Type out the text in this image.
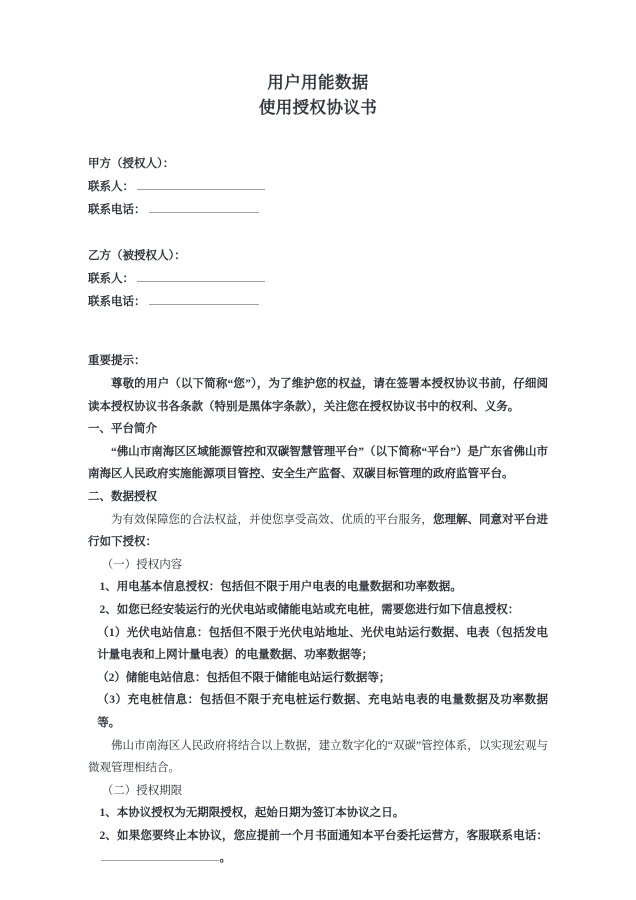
用户用能数据
使用授权协议书
甲方（授权人）：
联系人：
联系电话：
乙方（被授权人）：
联系人：
联系电话：
重要提示：

尊敬的用户（以下简称“您”），为了维护您的权益，请在签署本授权协议书前，仔细阅读本授权协议书各条款（特别是黑体字条款），关注您在授权协议书中的权利、义务。

一、平台简介

“佛山市南海区区域能源管控和双碳智慧管理平台”（以下简称“平台”）是广东省佛山市南海区人民政府实施能源项目管控、安全生产监督、双碳目标管理的政府监管平台。

二、数据授权

为有效保障您的合法权益，并使您享受高效、优质的平台服务，您理解、同意对平台进行如下授权：

（一）授权内容

1、用电基本信息授权：包括但不限于用户电表的电量数据和功率数据。

2、如您已经安装运行的光伏电站或储能电站或充电桩，需要您进行如下信息授权：

（1）光伏电站信息：包括但不限于光伏电站地址、光伏电站运行数据、电表（包括发电计量电表和上网计量电表）的电量数据、功率数据等；

（2）储能电站信息：包括但不限于储能电站运行数据等；

（3）充电桩信息：包括但不限于充电桩运行数据、充电站电表的电量数据及功率数据等。

佛山市南海区人民政府将结合以上数据，建立数字化的“双碳”管控体系，以实现宏观与微观管理相结合。

（二）授权期限

1、本协议授权为无期限授权，起始日期为签订本协议之日。

2、如果您要终止本协议，您应提前一个月书面通知本平台委托运营方，客服联系电话：。
